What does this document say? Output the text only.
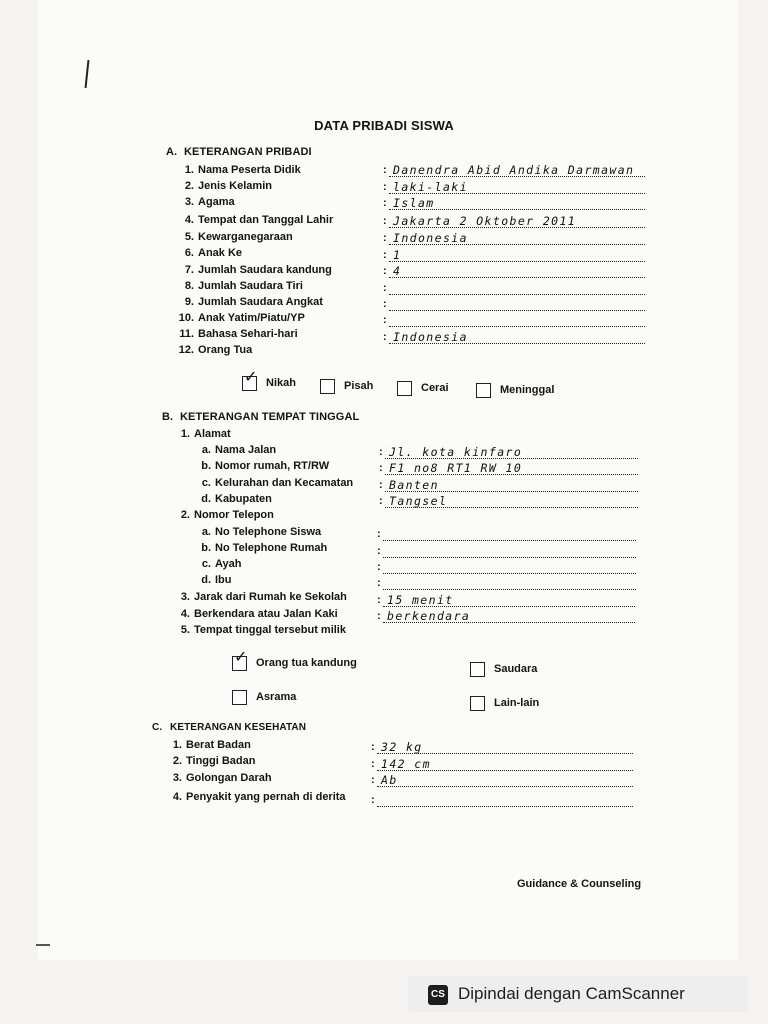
DATA PRIBADI SISWA
A. KETERANGAN PRIBADI
1. Nama Peserta Didik	: Danendra Abid Andika Darmawan
2. Jenis Kelamin	: laki-laki
3. Agama	: Islam
4. Tempat dan Tanggal Lahir	: Jakarta 2 Oktober 2011
5. Kewarganegaraan	: Indonesia
6. Anak Ke	: 1
7. Jumlah Saudara kandung	: 4
8. Jumlah Saudara Tiri	:
9. Jumlah Saudara Angkat	:
10. Anak Yatim/Piatu/YP	:
11. Bahasa Sehari-hari	: Indonesia
12. Orang Tua
✓ Nikah	Pisah	Cerai	Meninggal
B. KETERANGAN TEMPAT TINGGAL
1. Alamat
a. Nama Jalan	: Jl. kota kinfaro
b. Nomor rumah, RT/RW	: F1 no8 RT1 RW 10
c. Kelurahan dan Kecamatan : Banten
d. Kabupaten	: Tangsel
2. Nomor Telepon
a. No Telephone Siswa	:
b. No Telephone Rumah	:
c. Ayah	:
d. Ibu	:
3. Jarak dari Rumah ke Sekolah	: 15 menit
4. Berkendara atau Jalan Kaki	: berkendara
5. Tempat tinggal tersebut milik
✓ Orang tua kandung	Saudara
Asrama	Lain-lain
C. KETERANGAN KESEHATAN
1. Berat Badan	: 32 kg
2. Tinggi Badan	: 142 cm
3. Golongan Darah	: Ab
4. Penyakit yang pernah di derita :
Guidance & Counseling
CS Dipindai dengan CamScanner
